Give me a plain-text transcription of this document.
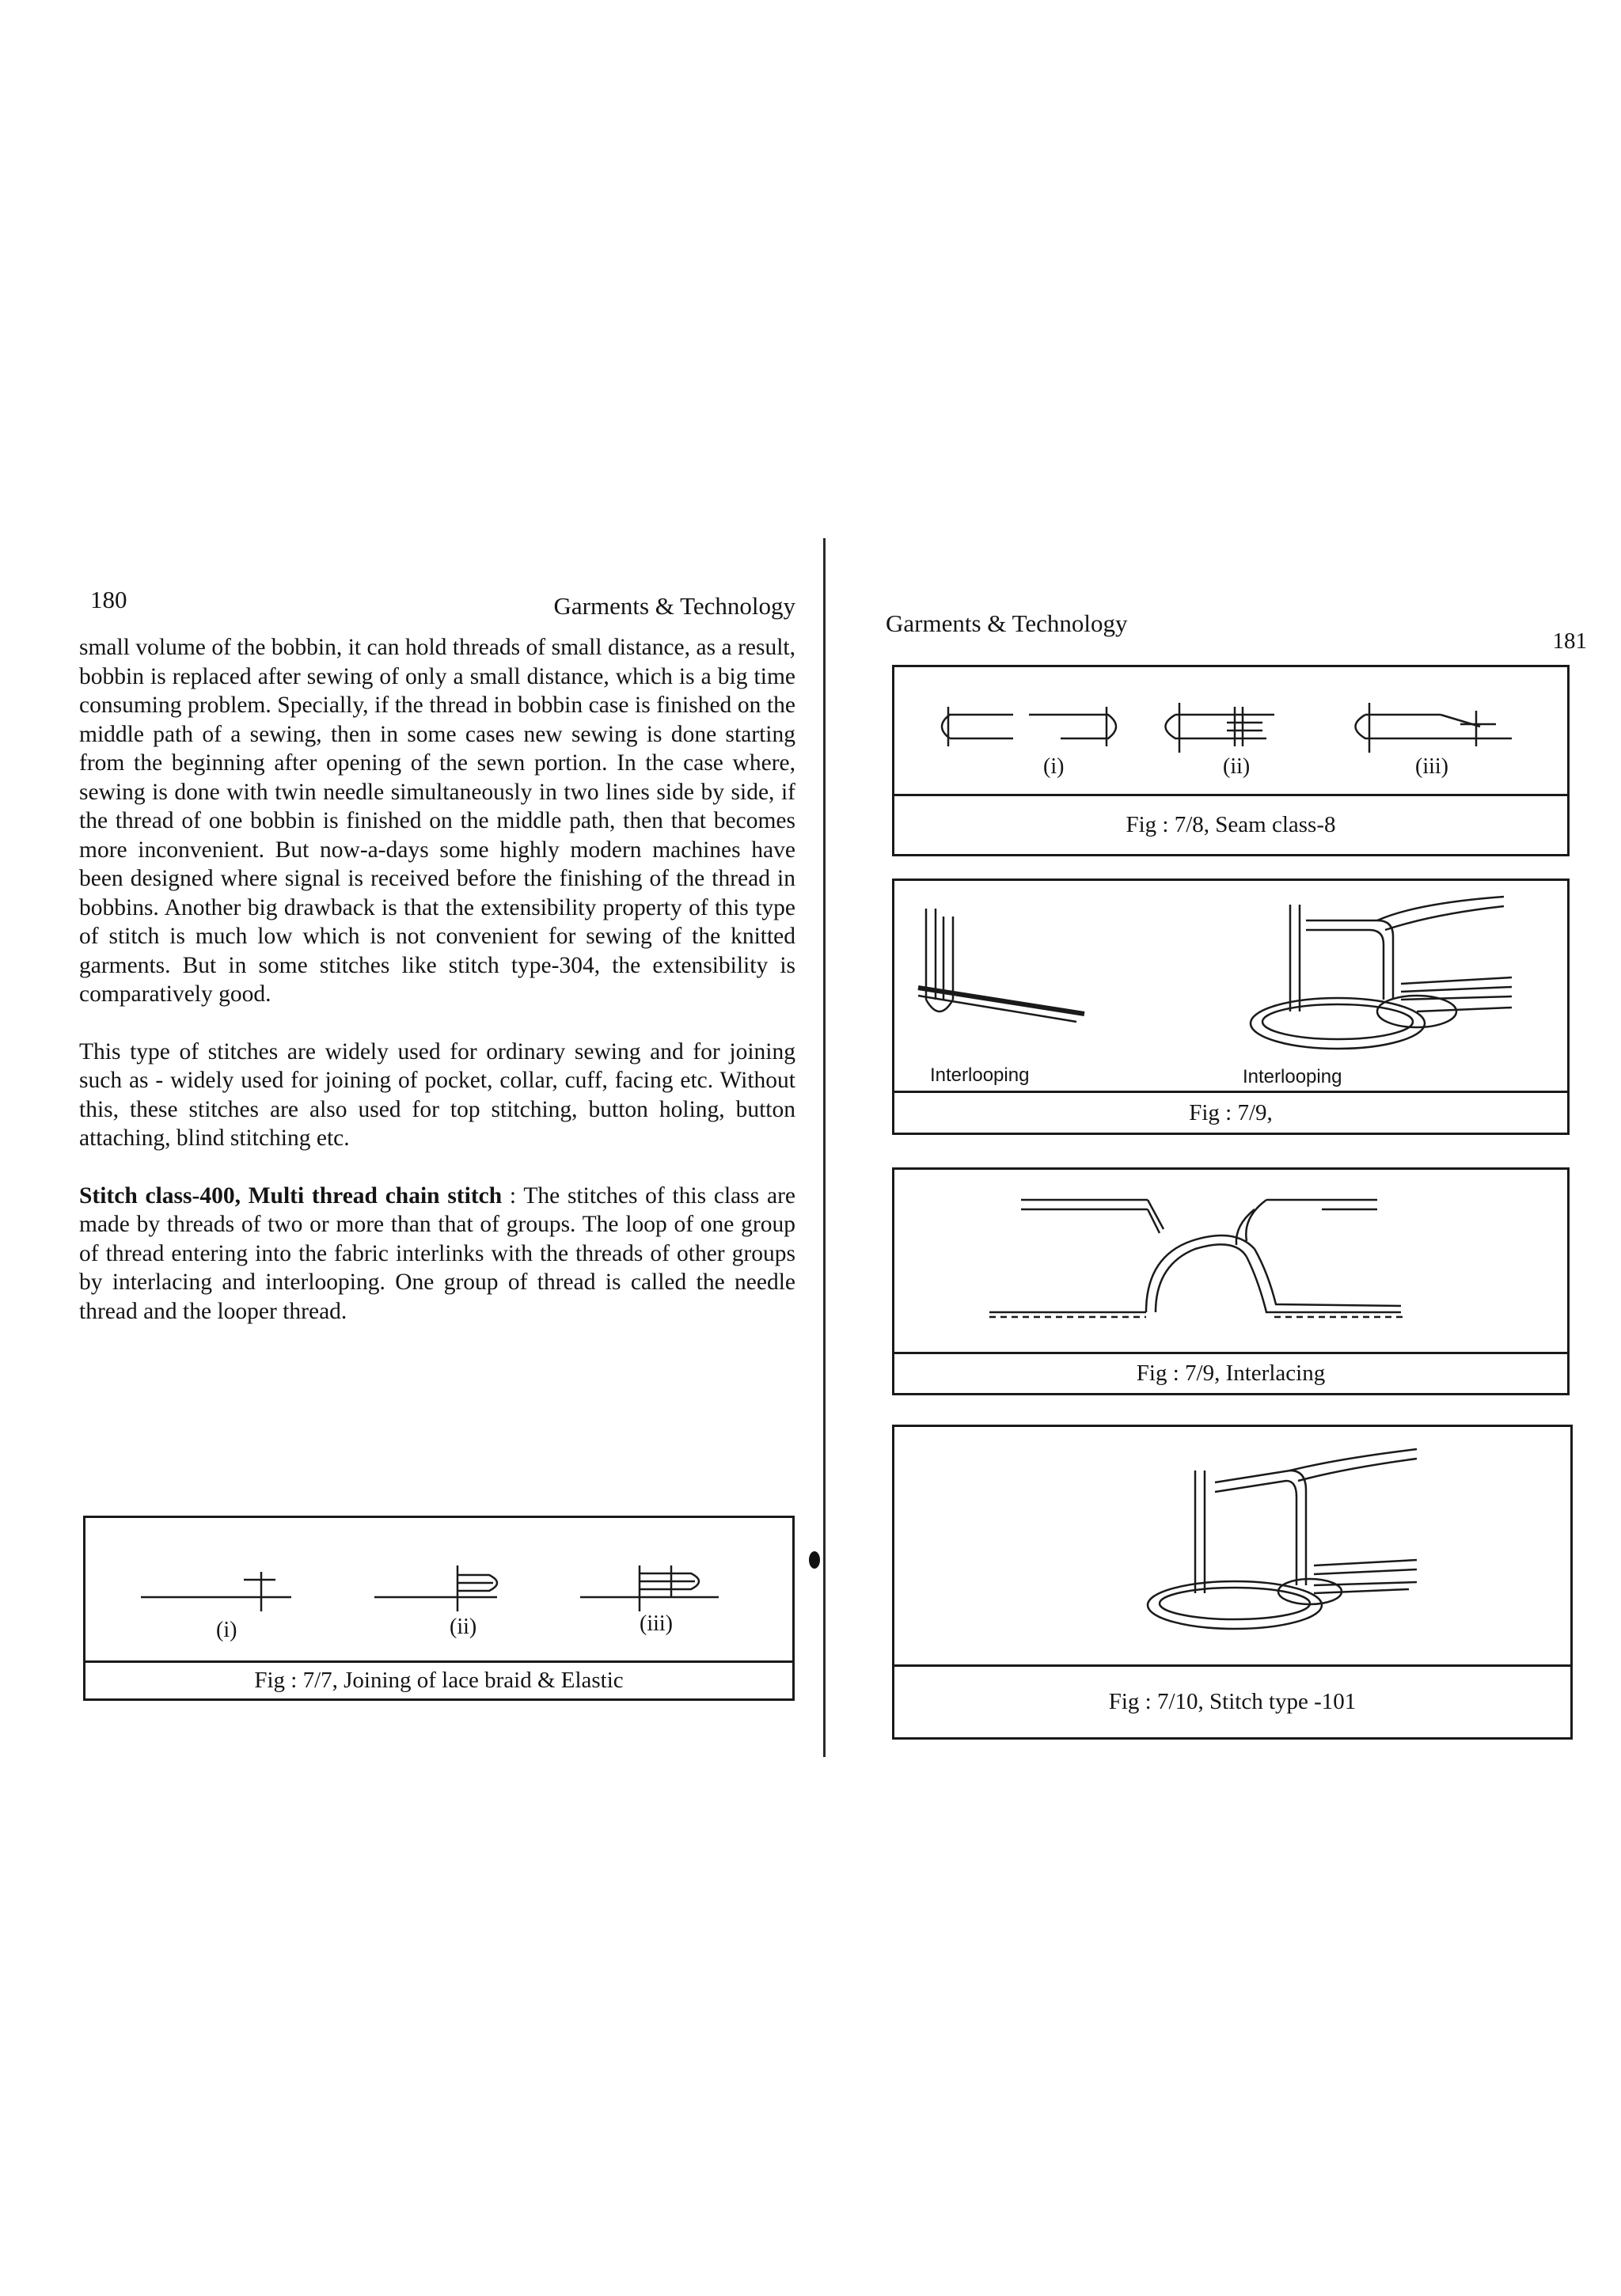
180	Garments & Technology

small volume of the bobbin, it can hold threads of small distance, as a result, bobbin is replaced after sewing of only a small distance, which is a big time consuming problem. Specially, if the thread in bobbin case is finished on the middle path of a sewing, then in some cases new sewing is done starting from the beginning after opening of the sewn portion. In the case where, sewing is done with twin needle simultaneously in two lines side by side, if the thread of one bobbin is finished on the middle path, then that becomes more inconvenient. But now-a-days some highly modern machines have been designed where signal is received before the finishing of the thread in bobbins. Another big drawback is that the extensibility property of this type of stitch is much low which is not convenient for sewing of the knitted garments. But in some stitches like stitch type-304, the extensibility is comparatively good.

This type of stitches are widely used for ordinary sewing and for joining such as - widely used for joining of pocket, collar, cuff, facing etc. Without this, these stitches are also used for top stitching, button holing, button attaching, blind stitching etc.

Stitch class-400, Multi thread chain stitch : The stitches of this class are made by threads of two or more than that of groups. The loop of one group of thread entering into the fabric interlinks with the threads of other groups by interlacing and interlooping. One group of thread is called the needle thread and the looper thread.

(i)	(ii)	(iii)
Fig : 7/7, Joining of lace braid & Elastic
Garments & Technology
181
(i)	(ii)	(iii)
Fig : 7/8, Seam class-8
Interlooping	Interlooping
Fig : 7/9,
Fig : 7/9, Interlacing
Fig : 7/10, Stitch type -101
